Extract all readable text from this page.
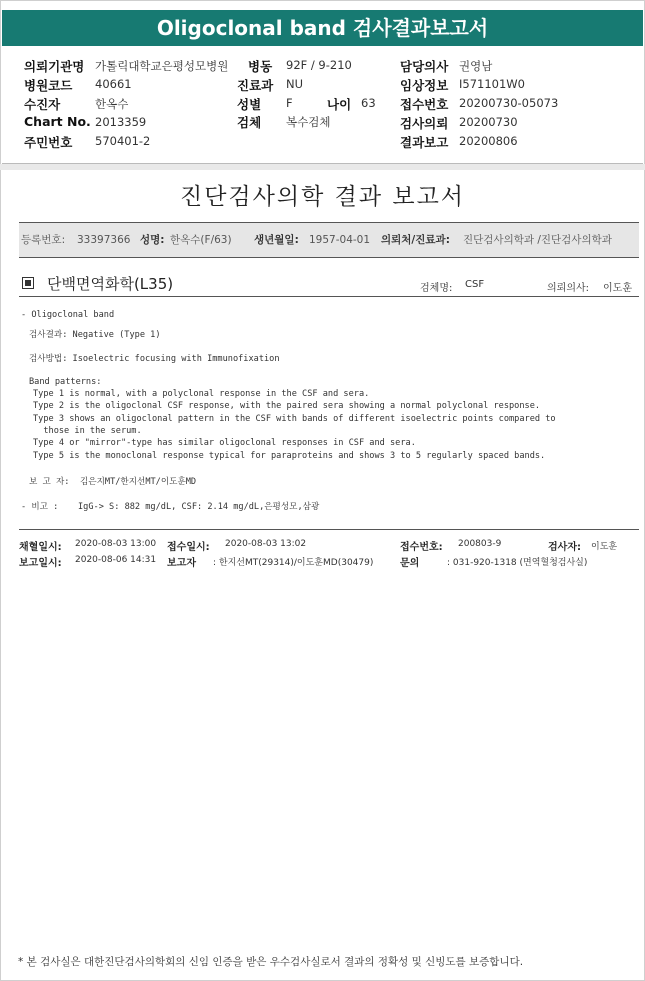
Oligoclonal band 검사결과보고서
의뢰기관명 가톨릭대학교은평성모병원 병동 92F / 9-210	담당의사 권영남
병원코드 40661	진료과 NU	임상정보 I571101W0
수진자	한옥수	성별 F	나이 63 접수번호 20200730-05073
Chart No. 2013359	검체 복수검체	검사의뢰 20200730
주민번호 570401-2	결과보고 20200806
진단검사의학 결과 보고서
등록번호: 33397366 성명: 한옥수(F/63) 생년월일: 1957-04-01 의뢰처/진료과: 진단검사의학과 /진단검사의학과
단백면역화학(L35)	검체명: CSF	의뢰의사: 이도훈
- Oligoclonal band
검사결과: Negative (Type 1)
검사방법: Isoelectric focusing with Immunofixation
Band patterns:
Type 1 is normal, with a polyclonal response in the CSF and sera.
Type 2 is the oligoclonal CSF response, with the paired sera showing a normal polyclonal response.
Type 3 shows an oligoclonal pattern in the CSF with bands of different isoelectric points compared to
those in the serum.
Type 4 or "mirror"-type has similar oligoclonal responses in CSF and sera.
Type 5 is the monoclonal response typical for paraproteins and shows 3 to 5 regularly spaced bands.
보 고 자: 김은지MT/한지선MT/이도훈MD
- 비고 : IgG-> S: 882 mg/dL, CSF: 2.14 mg/dL,은평성모,삼광
채혈일시: 2020-08-03 13:00 접수일시: 2020-08-03 13:02	접수번호: 200803-9	검사자: 이도훈
보고일시: 2020-08-06 14:31 보고자 : 한지선MT(29314)/이도훈MD(30479)	문의	: 031-920-1318 (면역혈청검사실)
* 본 검사실은 대한진단검사의학회의 신임 인증을 받은 우수검사실로서 결과의 정확성 및 신빙도를 보증합니다.
